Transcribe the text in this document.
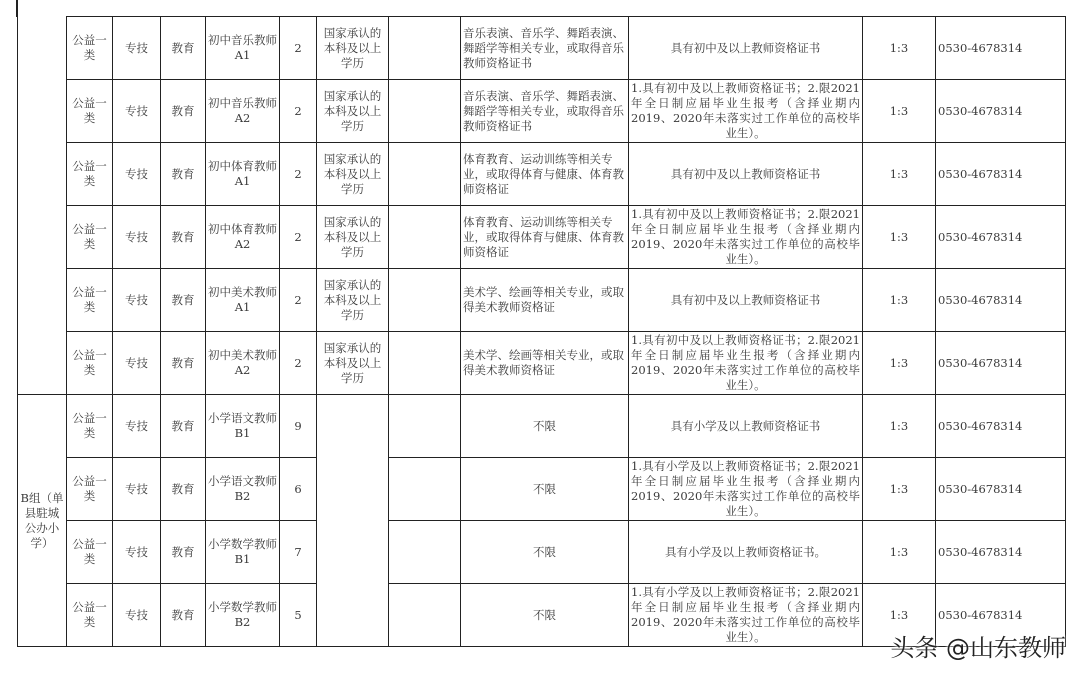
	公益一类	专技	教育	初中音乐教师A1	2	国家承认的本科及以上学历		音乐表演、音乐学、舞蹈表演、舞蹈学等相关专业，或取得音乐教师资格证书	具有初中及以上教师资格证书	1:3	0530-4678314
	公益一类	专技	教育	初中音乐教师A2	2	国家承认的本科及以上学历		音乐表演、音乐学、舞蹈表演、舞蹈学等相关专业，或取得音乐教师资格证书	1.具有初中及以上教师资格证书；2.限2021年全日制应届毕业生报考（含择业期内2019、2020年未落实过工作单位的高校毕业生）。	1:3	0530-4678314
	公益一类	专技	教育	初中体育教师A1	2	国家承认的本科及以上学历		体育教育、运动训练等相关专业，或取得体育与健康、体育教师资格证	具有初中及以上教师资格证书	1:3	0530-4678314
	公益一类	专技	教育	初中体育教师A2	2	国家承认的本科及以上学历		体育教育、运动训练等相关专业，或取得体育与健康、体育教师资格证	1.具有初中及以上教师资格证书；2.限2021年全日制应届毕业生报考（含择业期内2019、2020年未落实过工作单位的高校毕业生）。	1:3	0530-4678314
	公益一类	专技	教育	初中美术教师A1	2	国家承认的本科及以上学历		美术学、绘画等相关专业，或取得美术教师资格证	具有初中及以上教师资格证书	1:3	0530-4678314
	公益一类	专技	教育	初中美术教师A2	2	国家承认的本科及以上学历		美术学、绘画等相关专业，或取得美术教师资格证	1.具有初中及以上教师资格证书；2.限2021年全日制应届毕业生报考（含择业期内2019、2020年未落实过工作单位的高校毕业生）。	1:3	0530-4678314
B组（单县駐城公办小学）	公益一类	专技	教育	小学语文教师B1	9			不限	具有小学及以上教师资格证书	1:3	0530-4678314
	公益一类	专技	教育	小学语文教师B2	6			不限	1.具有小学及以上教师资格证书；2.限2021年全日制应届毕业生报考（含择业期内2019、2020年未落实过工作单位的高校毕业生）。	1:3	0530-4678314
	公益一类	专技	教育	小学数学教师B1	7			不限	具有小学及以上教师资格证书。	1:3	0530-4678314
	公益一类	专技	教育	小学数学教师B2	5			不限	1.具有小学及以上教师资格证书；2.限2021年全日制应届毕业生报考（含择业期内2019、2020年未落实过工作单位的高校毕业生）。	1:3	0530-4678314
头条 @山东教师
